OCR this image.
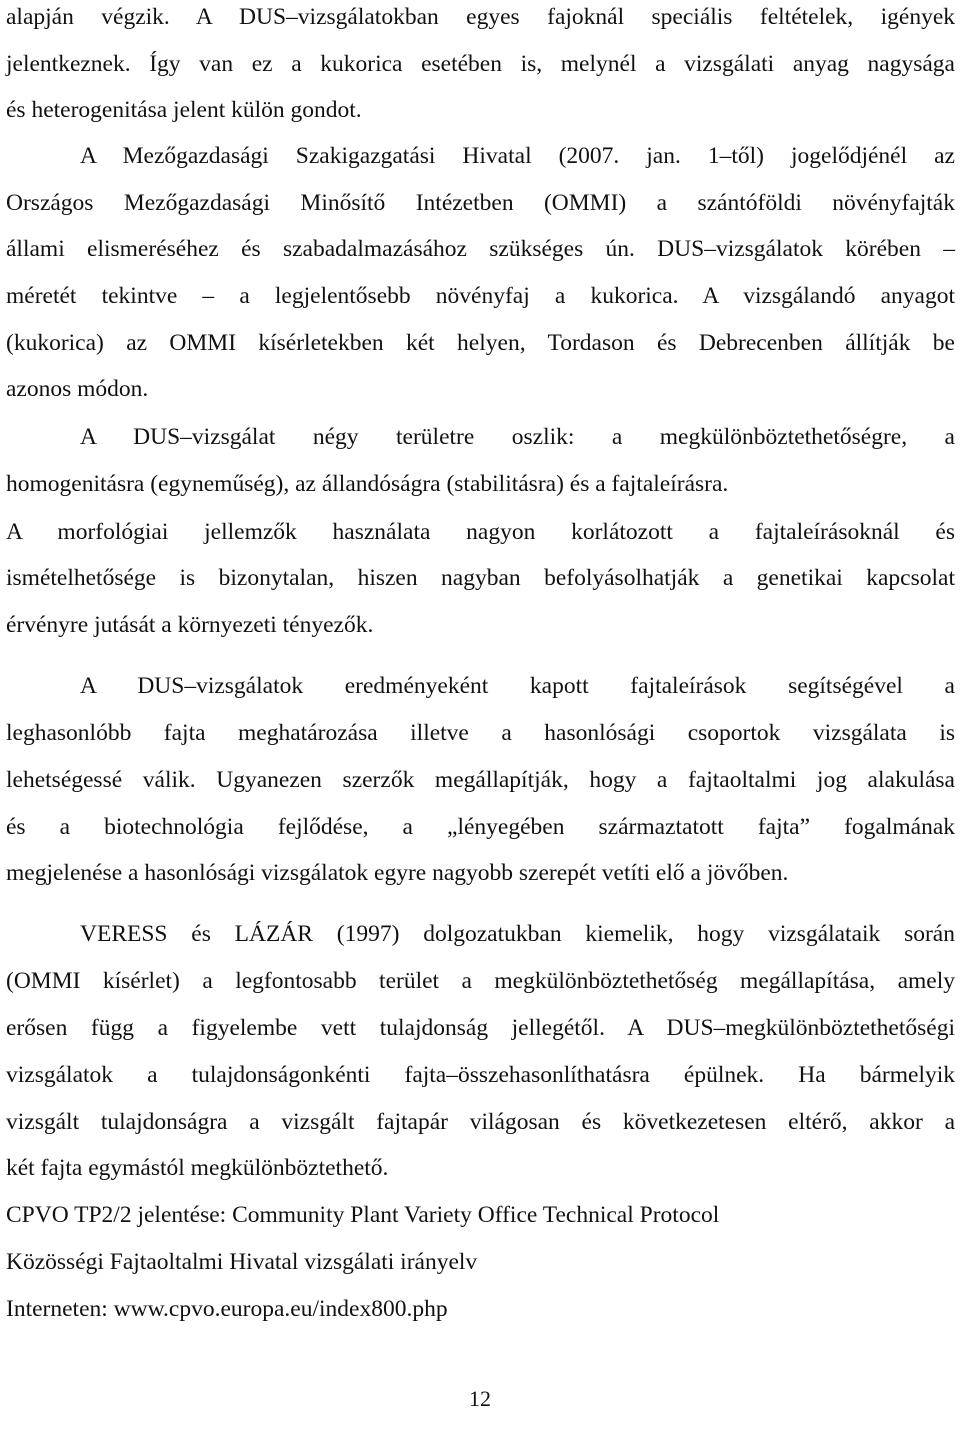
alapján végzik. A DUS–vizsgálatokban egyes fajoknál speciális feltételek, igények
jelentkeznek. Így van ez a kukorica esetében is, melynél a vizsgálati anyag nagysága
és heterogenitása jelent külön gondot.
A Mezőgazdasági Szakigazgatási Hivatal (2007. jan. 1–től) jogelődjénél az
Országos Mezőgazdasági Minősítő Intézetben (OMMI) a szántóföldi növényfajták
állami elismeréséhez és szabadalmazásához szükséges ún. DUS–vizsgálatok körében –
méretét tekintve – a legjelentősebb növényfaj a kukorica. A vizsgálandó anyagot
(kukorica) az OMMI kísérletekben két helyen, Tordason és Debrecenben állítják be
azonos módon.
A DUS–vizsgálat négy területre oszlik: a megkülönböztethetőségre, a
homogenitásra (egyneműség), az állandóságra (stabilitásra) és a fajtaleírásra.
A morfológiai jellemzők használata nagyon korlátozott a fajtaleírásoknál és
ismételhetősége is bizonytalan, hiszen nagyban befolyásolhatják a genetikai kapcsolat
érvényre jutását a környezeti tényezők.
A DUS–vizsgálatok eredményeként kapott fajtaleírások segítségével a
leghasonlóbb fajta meghatározása illetve a hasonlósági csoportok vizsgálata is
lehetségessé válik. Ugyanezen szerzők megállapítják, hogy a fajtaoltalmi jog alakulása
és a biotechnológia fejlődése, a „lényegében származtatott fajta” fogalmának
megjelenése a hasonlósági vizsgálatok egyre nagyobb szerepét vetíti elő a jövőben.
VERESS és LÁZÁR (1997) dolgozatukban kiemelik, hogy vizsgálataik során
(OMMI kísérlet) a legfontosabb terület a megkülönböztethetőség megállapítása, amely
erősen függ a figyelembe vett tulajdonság jellegétől. A DUS–megkülönböztethetőségi
vizsgálatok a tulajdonságonkénti fajta–összehasonlíthatásra épülnek. Ha bármelyik
vizsgált tulajdonságra a vizsgált fajtapár világosan és következetesen eltérő, akkor a
két fajta egymástól megkülönböztethető.
CPVO TP2/2 jelentése: Community Plant Variety Office Technical Protocol
Közösségi Fajtaoltalmi Hivatal vizsgálati irányelv
Interneten: www.cpvo.europa.eu/index800.php
12
